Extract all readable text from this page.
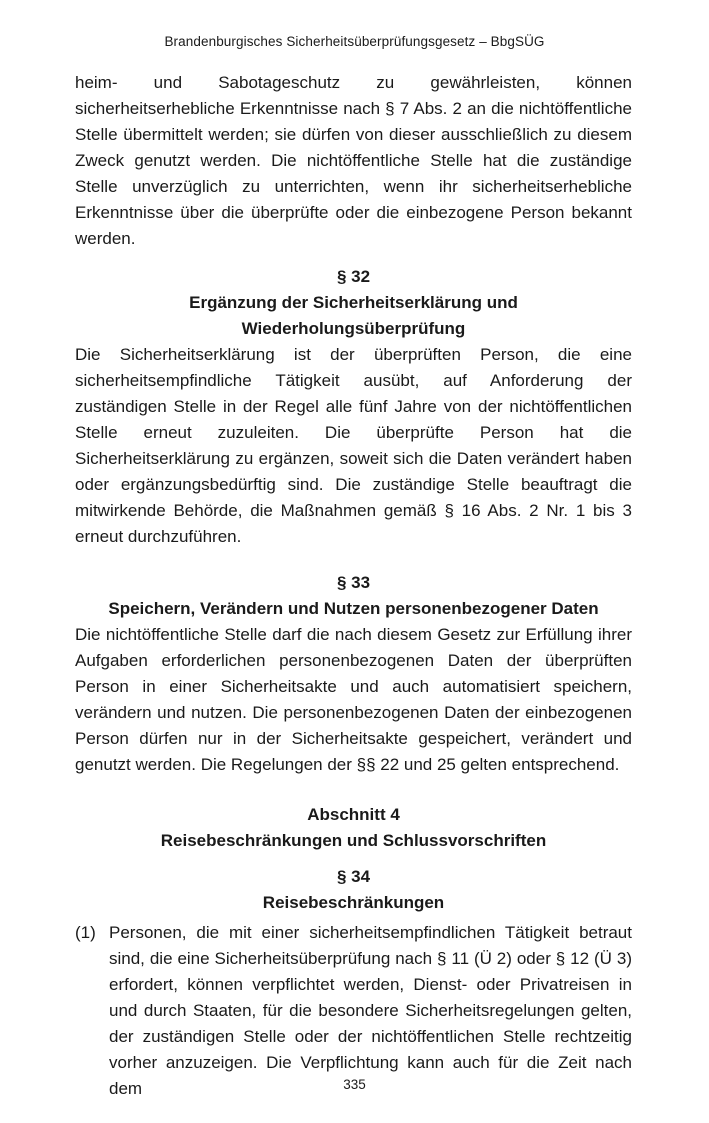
Brandenburgisches Sicherheitsüberprüfungsgesetz – BbgSÜG

heim- und Sabotageschutz zu gewährleisten, können sicherheitserhebliche Erkenntnisse nach § 7 Abs. 2 an die nichtöffentliche Stelle übermittelt werden; sie dürfen von dieser ausschließlich zu diesem Zweck genutzt werden. Die nichtöffentliche Stelle hat die zuständige Stelle unverzüglich zu unterrichten, wenn ihr sicherheitserhebliche Erkenntnisse über die überprüfte oder die einbezogene Person bekannt werden.

§ 32
Ergänzung der Sicherheitserklärung und
Wiederholungsüberprüfung

Die Sicherheitserklärung ist der überprüften Person, die eine sicherheitsempfindliche Tätigkeit ausübt, auf Anforderung der zuständigen Stelle in der Regel alle fünf Jahre von der nichtöffentlichen Stelle erneut zuzuleiten. Die überprüfte Person hat die Sicherheitserklärung zu ergänzen, soweit sich die Daten verändert haben oder ergänzungsbedürftig sind. Die zuständige Stelle beauftragt die mitwirkende Behörde, die Maßnahmen gemäß § 16 Abs. 2 Nr. 1 bis 3 erneut durchzuführen.

§ 33
Speichern, Verändern und Nutzen personenbezogener Daten

Die nichtöffentliche Stelle darf die nach diesem Gesetz zur Erfüllung ihrer Aufgaben erforderlichen personenbezogenen Daten der überprüften Person in einer Sicherheitsakte und auch automatisiert speichern, verändern und nutzen. Die personenbezogenen Daten der einbezogenen Person dürfen nur in der Sicherheitsakte gespeichert, verändert und genutzt werden. Die Regelungen der §§ 22 und 25 gelten entsprechend.

Abschnitt 4
Reisebeschränkungen und Schlussvorschriften
§ 34
Reisebeschränkungen
(1) Personen, die mit einer sicherheitsempfindlichen Tätigkeit betraut sind, die eine Sicherheitsüberprüfung nach § 11 (Ü 2) oder § 12 (Ü 3) erfordert, können verpflichtet werden, Dienst- oder Privatreisen in und durch Staaten, für die besondere Sicherheitsregelungen gelten, der zuständigen Stelle oder der nichtöffentlichen Stelle rechtzeitig vorher anzuzeigen. Die Verpflichtung kann auch für die Zeit nach dem	335
